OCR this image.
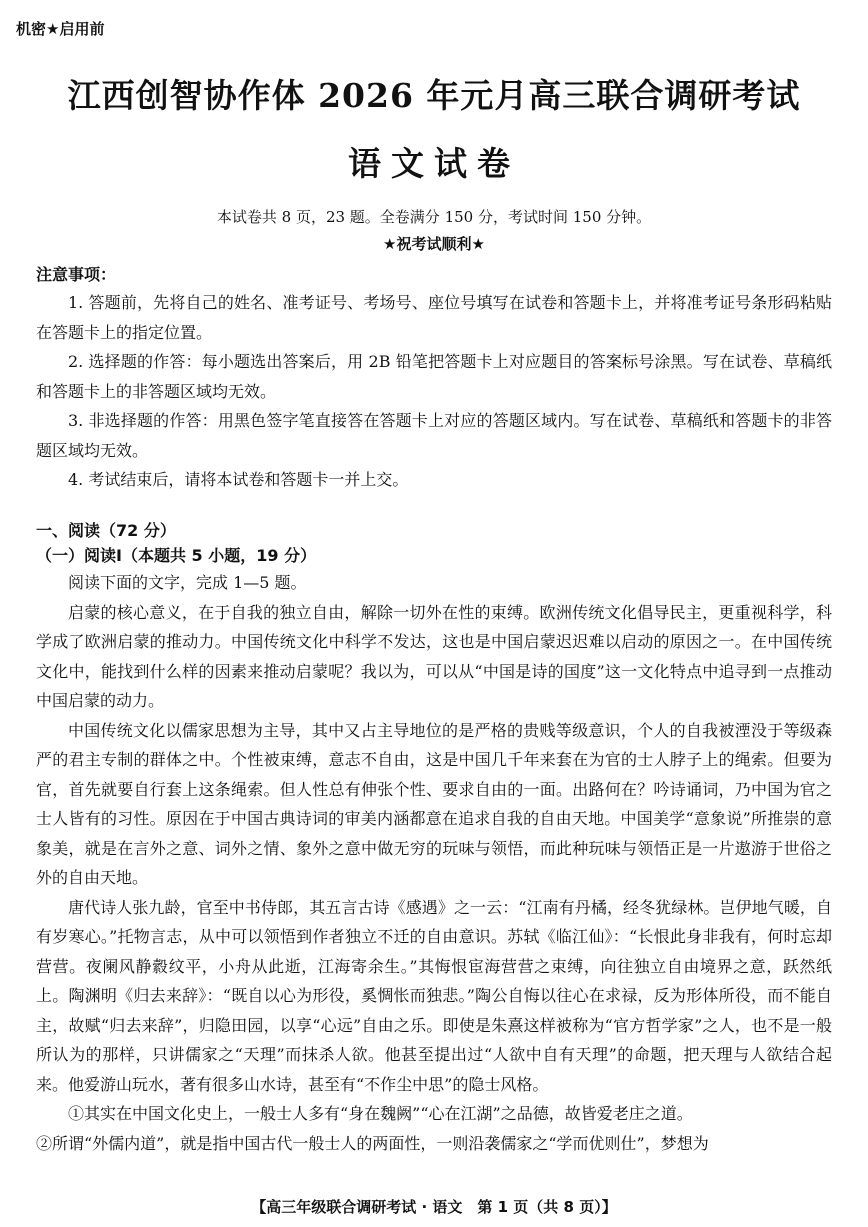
机密★启用前
江西创智协作体 2026 年元月高三联合调研考试
语文试卷
本试卷共 8 页，23 题。全卷满分 150 分，考试时间 150 分钟。
★祝考试顺利★
注意事项：

1. 答题前，先将自己的姓名、准考证号、考场号、座位号填写在试卷和答题卡上，并将准考证号条形码粘贴在答题卡上的指定位置。

2. 选择题的作答：每小题选出答案后，用 2B 铅笔把答题卡上对应题目的答案标号涂黑。写在试卷、草稿纸和答题卡上的非答题区域均无效。

3. 非选择题的作答：用黑色签字笔直接答在答题卡上对应的答题区域内。写在试卷、草稿纸和答题卡的非答题区域均无效。

4. 考试结束后，请将本试卷和答题卡一并上交。

一、阅读（72 分）
（一）阅读Ⅰ（本题共 5 小题，19 分）

阅读下面的文字，完成 1—5 题。

启蒙的核心意义，在于自我的独立自由，解除一切外在性的束缚。欧洲传统文化倡导民主，更重视科学，科学成了欧洲启蒙的推动力。中国传统文化中科学不发达，这也是中国启蒙迟迟难以启动的原因之一。在中国传统文化中，能找到什么样的因素来推动启蒙呢？我以为，可以从“中国是诗的国度”这一文化特点中追寻到一点推动中国启蒙的动力。

中国传统文化以儒家思想为主导，其中又占主导地位的是严格的贵贱等级意识，个人的自我被湮没于等级森严的君主专制的群体之中。个性被束缚，意志不自由，这是中国几千年来套在为官的士人脖子上的绳索。但要为官，首先就要自行套上这条绳索。但人性总有伸张个性、要求自由的一面。出路何在？吟诗诵词，乃中国为官之士人皆有的习性。原因在于中国古典诗词的审美内涵都意在追求自我的自由天地。中国美学“意象说”所推崇的意象美，就是在言外之意、词外之情、象外之意中做无穷的玩味与领悟，而此种玩味与领悟正是一片遨游于世俗之外的自由天地。

唐代诗人张九龄，官至中书侍郎，其五言古诗《感遇》之一云：“江南有丹橘，经冬犹绿林。岂伊地气暖，自有岁寒心。”托物言志，从中可以领悟到作者独立不迁的自由意识。苏轼《临江仙》：“长恨此身非我有，何时忘却营营。夜阑风静縠纹平，小舟从此逝，江海寄余生。”其悔恨宦海营营之束缚，向往独立自由境界之意，跃然纸上。陶渊明《归去来辞》：“既自以心为形役，奚惆怅而独悲。”陶公自悔以往心在求禄，反为形体所役，而不能自主，故赋“归去来辞”，归隐田园，以享“心远”自由之乐。即使是朱熹这样被称为“官方哲学家”之人，也不是一般所认为的那样，只讲儒家之“天理”而抹杀人欲。他甚至提出过“人欲中自有天理”的命题，把天理与人欲结合起来。他爱游山玩水，著有很多山水诗，甚至有“不作尘中思”的隐士风格。

①其实在中国文化史上，一般士人多有“身在魏阙”“心在江湖”之品德，故皆爱老庄之道。

②所谓“外儒内道”，就是指中国古代一般士人的两面性，一则沿袭儒家之“学而优则仕”，梦想为

【高三年级联合调研考试 · 语文　第 1 页（共 8 页）】
